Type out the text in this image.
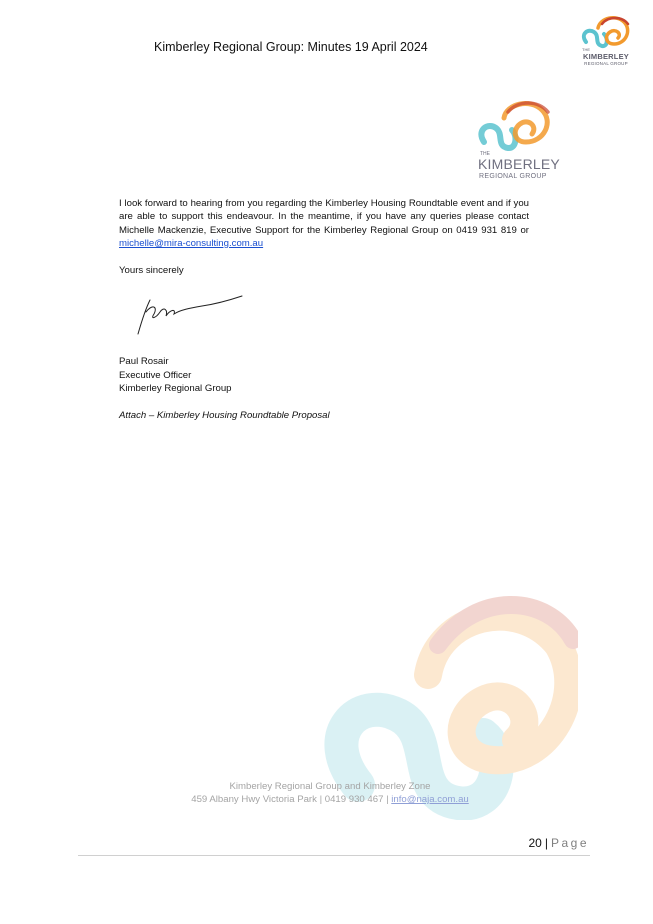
Kimberley Regional Group: Minutes 19 April 2024	THE
KIMBERLEY
REGIONAL GROUP
THE
KIMBERLEY
REGIONAL GROUP
I look forward to hearing from you regarding the Kimberley Housing Roundtable event and if you are able to support this endeavour. In the meantime, if you have any queries please contact Michelle Mackenzie, Executive Support for the Kimberley Regional Group on 0419 931 819 or michelle@mira-consulting.com.au
Yours sincerely
Paul Rosair
Executive Officer
Kimberley Regional Group
Attach – Kimberley Housing Roundtable Proposal
Kimberley Regional Group and Kimberley Zone
459 Albany Hwy Victoria Park | 0419 930 467 | info@naja.com.au
20 | Page
